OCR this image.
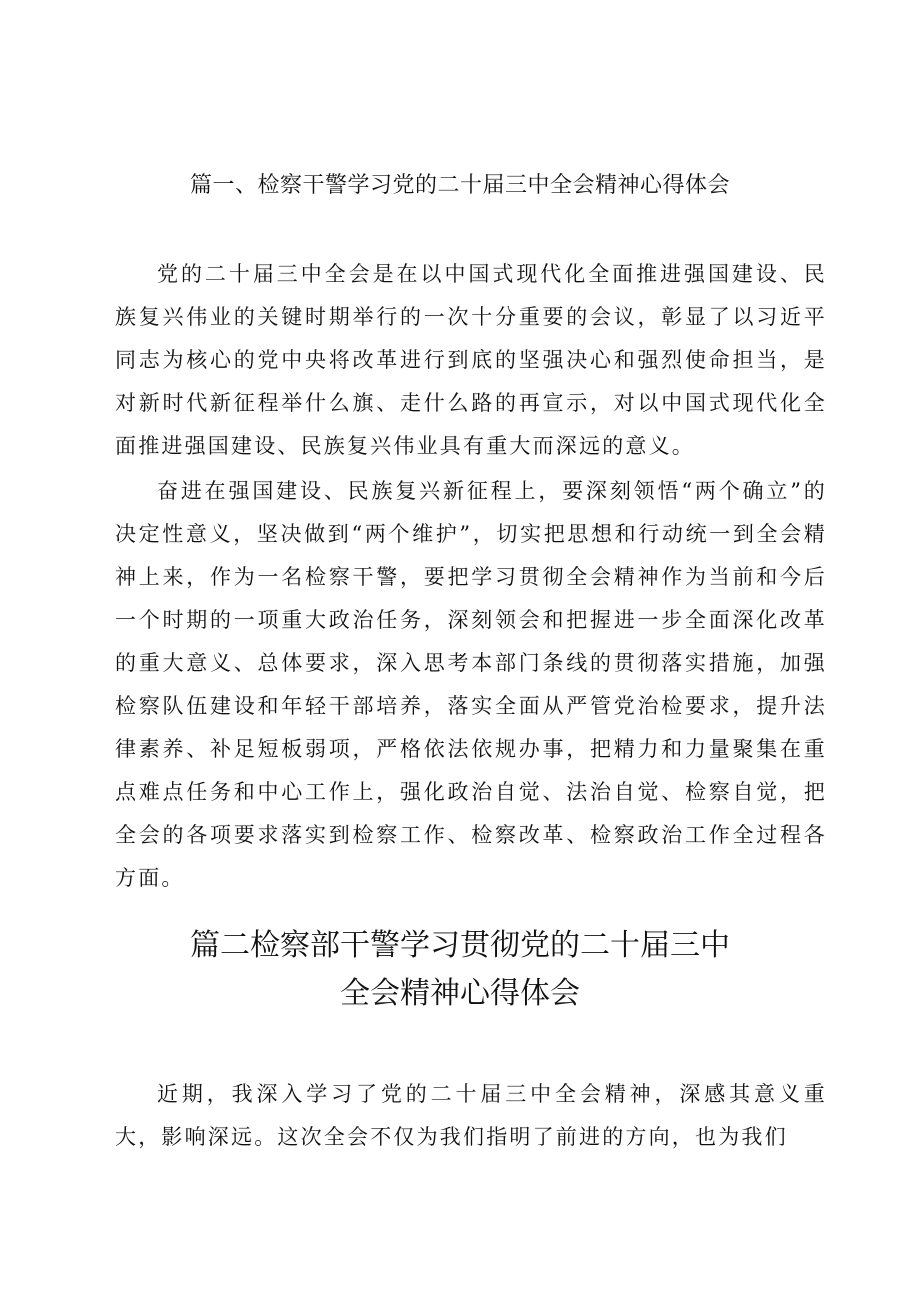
篇一、检察干警学习党的二十届三中全会精神心得体会

党的二十届三中全会是在以中国式现代化全面推进强国建设、民族复兴伟业的关键时期举行的一次十分重要的会议，彰显了以习近平同志为核心的党中央将改革进行到底的坚强决心和强烈使命担当，是对新时代新征程举什么旗、走什么路的再宣示，对以中国式现代化全面推进强国建设、民族复兴伟业具有重大而深远的意义。

奋进在强国建设、民族复兴新征程上，要深刻领悟“两个确立”的决定性意义，坚决做到“两个维护”，切实把思想和行动统一到全会精神上来，作为一名检察干警，要把学习贯彻全会精神作为当前和今后一个时期的一项重大政治任务，深刻领会和把握进一步全面深化改革的重大意义、总体要求，深入思考本部门条线的贯彻落实措施，加强检察队伍建设和年轻干部培养，落实全面从严管党治检要求，提升法律素养、补足短板弱项，严格依法依规办事，把精力和力量聚集在重点难点任务和中心工作上，强化政治自觉、法治自觉、检察自觉，把全会的各项要求落实到检察工作、检察改革、检察政治工作全过程各方面。

篇二检察部干警学习贯彻党的二十届三中
全会精神心得体会

近期，我深入学习了党的二十届三中全会精神，深感其意义重大，影响深远。这次全会不仅为我们指明了前进的方向，也为我们
